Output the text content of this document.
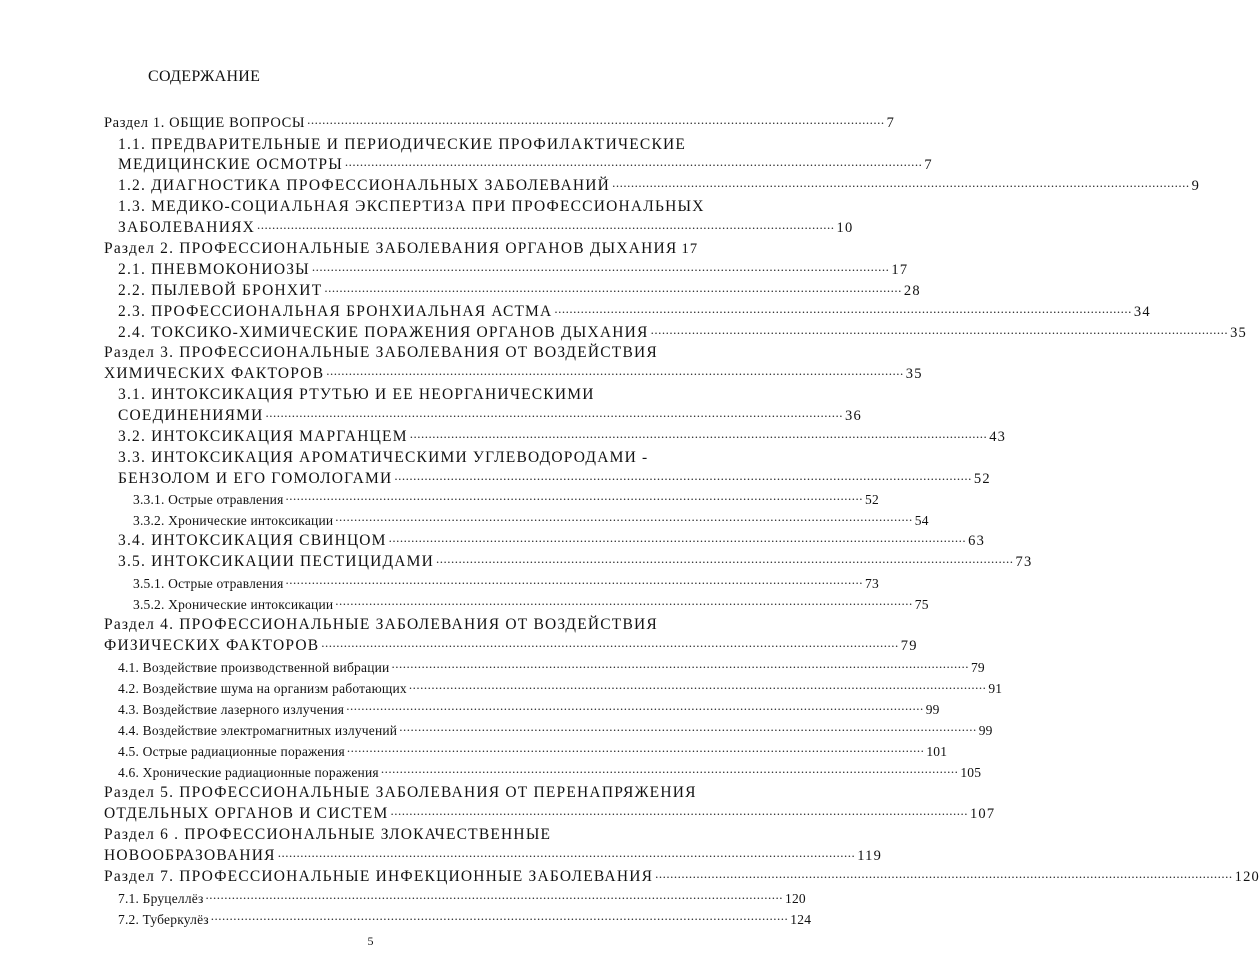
СОДЕРЖАНИЕ
Раздел 1. ОБЩИЕ ВОПРОСЫ .......................................................................................................................................................... 7
1.1. ПРЕДВАРИТЕЛЬНЫЕ И ПЕРИОДИЧЕСКИЕ ПРОФИЛАКТИЧЕСКИЕ
МЕДИЦИНСКИЕ ОСМОТРЫ .......................................................................................................................................................... 7
1.2. ДИАГНОСТИКА ПРОФЕССИОНАЛЬНЫХ ЗАБОЛЕВАНИЙ .......................................................................................................................................................... 9
1.3. МЕДИКО-СОЦИАЛЬНАЯ ЭКСПЕРТИЗА ПРИ ПРОФЕССИОНАЛЬНЫХ
ЗАБОЛЕВАНИЯХ .......................................................................................................................................................... 10
Раздел 2. ПРОФЕССИОНАЛЬНЫЕ ЗАБОЛЕВАНИЯ ОРГАНОВ ДЫХАНИЯ 17
2.1. ПНЕВМОКОНИОЗЫ .......................................................................................................................................................... 17
2.2. ПЫЛЕВОЙ БРОНХИТ .......................................................................................................................................................... 28
2.3. ПРОФЕССИОНАЛЬНАЯ БРОНХИАЛЬНАЯ АСТМА .......................................................................................................................................................... 34
2.4. ТОКСИКО-ХИМИЧЕСКИЕ ПОРАЖЕНИЯ ОРГАНОВ ДЫХАНИЯ .......................................................................................................................................................... 35
Раздел 3. ПРОФЕССИОНАЛЬНЫЕ ЗАБОЛЕВАНИЯ ОТ ВОЗДЕЙСТВИЯ
ХИМИЧЕСКИХ ФАКТОРОВ .......................................................................................................................................................... 35
3.1. ИНТОКСИКАЦИЯ РТУТЬЮ И ЕЕ НЕОРГАНИЧЕСКИМИ
СОЕДИНЕНИЯМИ .......................................................................................................................................................... 36
3.2. ИНТОКСИКАЦИЯ МАРГАНЦЕМ .......................................................................................................................................................... 43
3.3. ИНТОКСИКАЦИЯ АРОМАТИЧЕСКИМИ УГЛЕВОДОРОДАМИ -
БЕНЗОЛОМ И ЕГО ГОМОЛОГАМИ .......................................................................................................................................................... 52
3.3.1. Острые отравления .......................................................................................................................................................... 52
3.3.2. Хронические интоксикации .......................................................................................................................................................... 54
3.4. ИНТОКСИКАЦИЯ СВИНЦОМ .......................................................................................................................................................... 63
3.5. ИНТОКСИКАЦИИ ПЕСТИЦИДАМИ .......................................................................................................................................................... 73
3.5.1. Острые отравления .......................................................................................................................................................... 73
3.5.2. Хронические интоксикации .......................................................................................................................................................... 75
Раздел 4. ПРОФЕССИОНАЛЬНЫЕ ЗАБОЛЕВАНИЯ ОТ ВОЗДЕЙСТВИЯ
ФИЗИЧЕСКИХ ФАКТОРОВ .......................................................................................................................................................... 79
4.1. Воздействие производственной вибрации .......................................................................................................................................................... 79
4.2. Воздействие шума на организм работающих .......................................................................................................................................................... 91
4.3. Воздействие лазерного излучения .......................................................................................................................................................... 99
4.4. Воздействие электромагнитных излучений .......................................................................................................................................................... 99
4.5. Острые радиационные поражения .......................................................................................................................................................... 101
4.6. Хронические радиационные поражения .......................................................................................................................................................... 105
Раздел 5. ПРОФЕССИОНАЛЬНЫЕ ЗАБОЛЕВАНИЯ ОТ ПЕРЕНАПРЯЖЕНИЯ
ОТДЕЛЬНЫХ ОРГАНОВ И СИСТЕМ .......................................................................................................................................................... 107
Раздел 6 . ПРОФЕССИОНАЛЬНЫЕ ЗЛОКАЧЕСТВЕННЫЕ
НОВООБРАЗОВАНИЯ .......................................................................................................................................................... 119
Раздел 7. ПРОФЕССИОНАЛЬНЫЕ ИНФЕКЦИОННЫЕ ЗАБОЛЕВАНИЯ .......................................................................................................................................................... 120
7.1. Бруцеллёз .......................................................................................................................................................... 120
7.2. Туберкулёз .......................................................................................................................................................... 124
5
